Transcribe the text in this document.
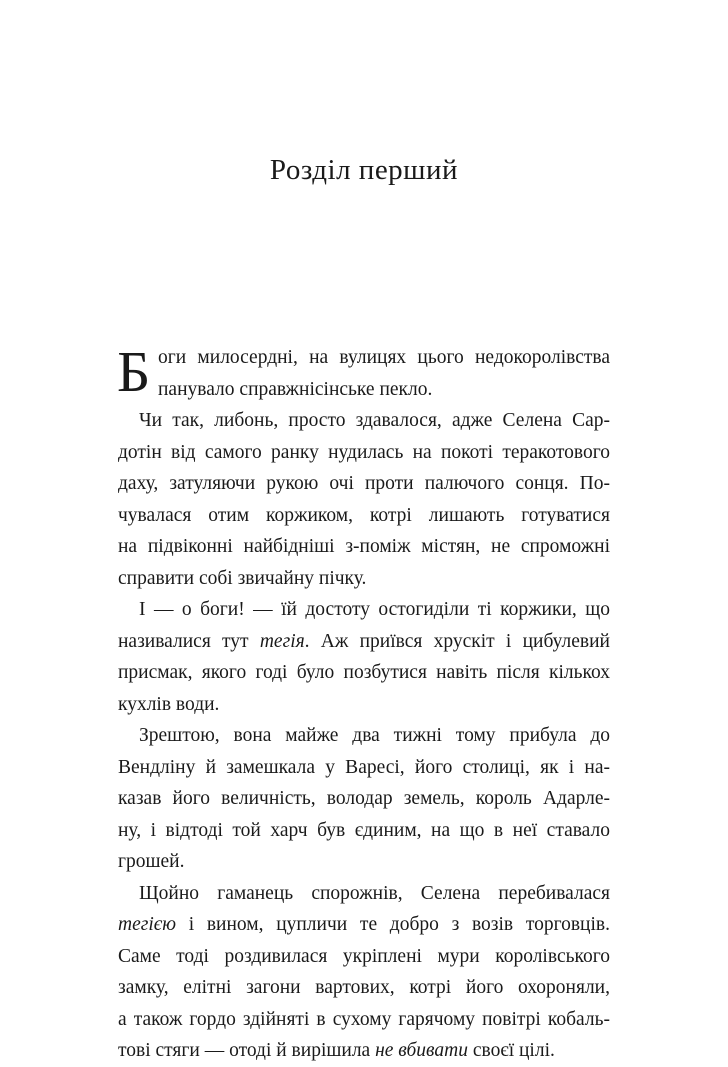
Розділ перший
Б оги милосердні, на вулицях цього недокоролівства
панувало справжнісінське пекло.
Чи так, либонь, просто здавалося, адже Селена Сар-
дотін від самого ранку нудилась на покоті теракотового
даху, затуляючи рукою очі проти палючого сонця. По-
чувалася отим коржиком, котрі лишають готуватися
на підвіконні найбідніші з-поміж містян, не спроможні
справити собі звичайну пічку.
І — о боги! — їй достоту остогиділи ті коржики, що
називалися тут тегія. Аж приївся хрускіт і цибулевий
присмак, якого годі було позбутися навіть після кількох
кухлів води.
Зрештою, вона майже два тижні тому прибула до
Вендліну й замешкала у Варесі, його столиці, як і на-
казав його величність, володар земель, король Адарле-
ну, і відтоді той харч був єдиним, на що в неї ставало
грошей.
Щойно гаманець спорожнів, Селена перебивалася
тегією і вином, цупличи те добро з возів торговців.
Саме тоді роздивилася укріплені мури королівського
замку, елітні загони вартових, котрі його охороняли,
а також гордо здійняті в сухому гарячому повітрі кобаль-
тові стяги — отоді й вирішила не вбивати своєї цілі.
